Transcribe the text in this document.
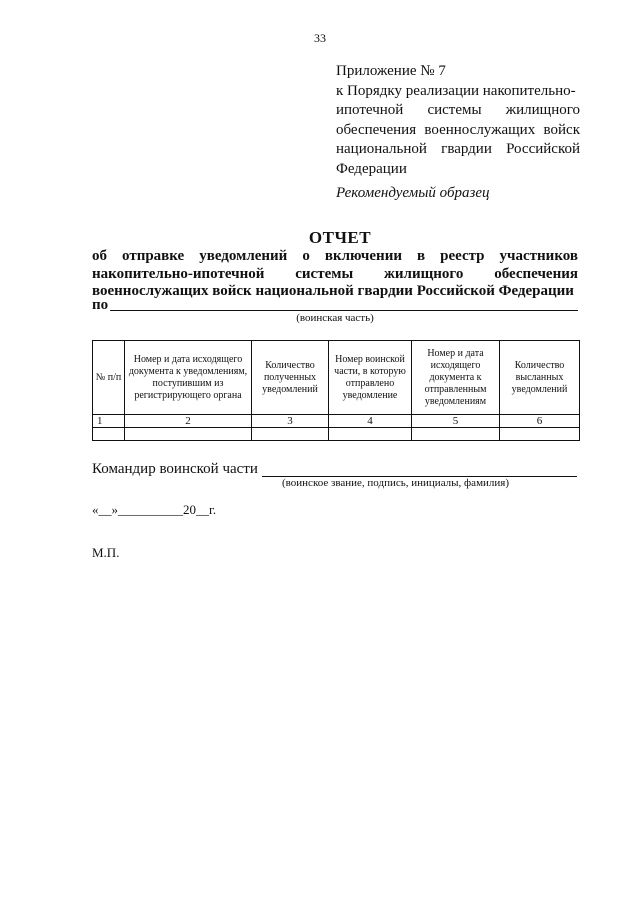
33
Приложение № 7
к Порядку реализации накопительно-
ипотечной системы жилищного
обеспечения военнослужащих войск
национальной гвардии Российской
Федерации
Рекомендуемый образец
ОТЧЕТ
об отправке уведомлений о включении в реестр участников
накопительно-ипотечной системы жилищного обеспечения
военнослужащих войск национальной гвардии Российской Федерации
по
(воинская часть)
№ п/п	Номер и дата исходящего документа к уведомлениям, поступившим из регистрирующего органа	Количество полученных уведомлений	Номер воинской части, в которую отправлено уведомление	Номер и дата исходящего документа к отправленным уведомлениям	Количество высланных уведомлений
1	2	3	4	5	6

Командир воинской части
(воинское звание, подпись, инициалы, фамилия)
«__»__________20__г.
М.П.
